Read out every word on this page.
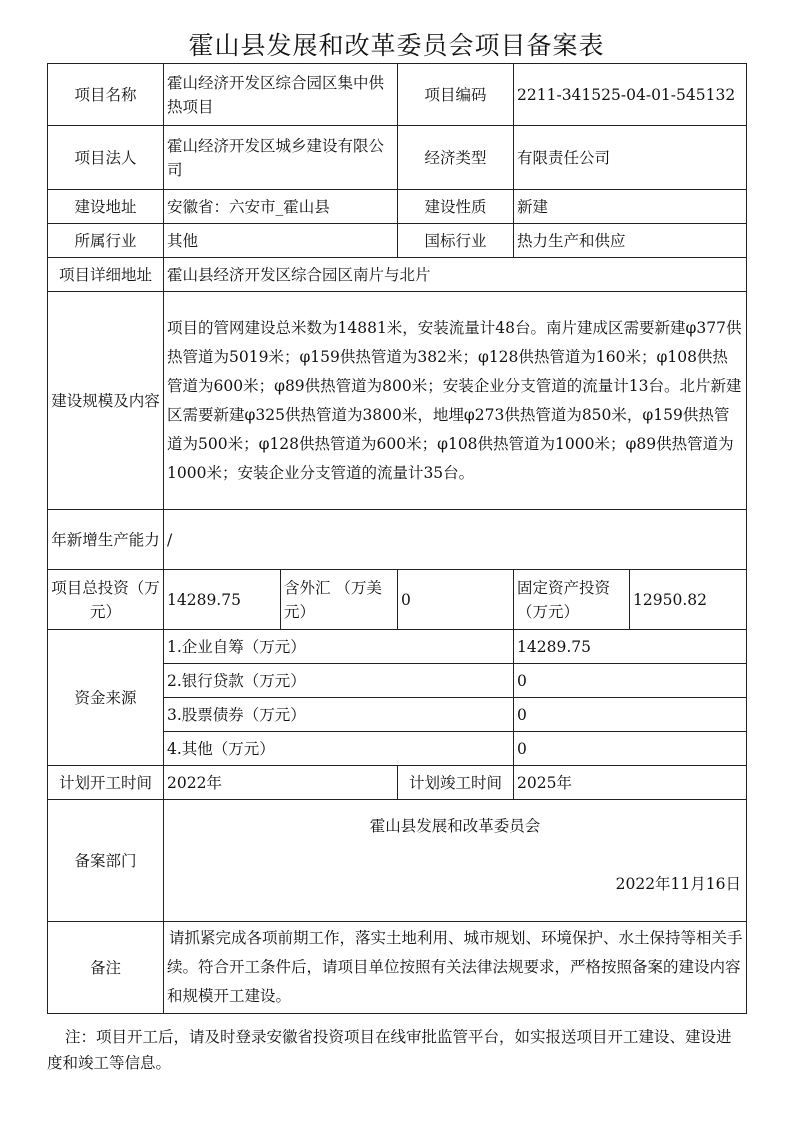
霍山县发展和改革委员会项目备案表
项目名称	霍山经济开发区综合园区集中供热项目		项目编码	2211-341525-04-01-545132	
项目法人	霍山经济开发区城乡建设有限公司		经济类型	有限责任公司	
建设地址	安徽省：六安市_霍山县		建设性质	新建	
所属行业	其他		国标行业	热力生产和供应	
项目详细地址	霍山县经济开发区综合园区南片与北片				
建设规模及内容	项目的管网建设总米数为14881米，安装流量计48台。南片建成区需要新建φ377供热管道为5019米；φ159供热管道为382米；φ128供热管道为160米；φ108供热管道为600米；φ89供热管道为800米；安装企业分支管道的流量计13台。北片新建区需要新建φ325供热管道为3800米，地埋φ273供热管道为850米，φ159供热管道为500米；φ128供热管道为600米；φ108供热管道为1000米；φ89供热管道为1000米；安装企业分支管道的流量计35台。				
年新增生产能力	/				
项目总投资（万元）	14289.75	含外汇 （万美元）	0	固定资产投资（万元）	12950.82
资金来源	1.企业自筹（万元）			14289.75	
	2.银行贷款（万元）			0	
	3.股票债券（万元）			0	
	4.其他（万元）			0	
计划开工时间	2022年		计划竣工时间	2025年	
备案部门	霍山县发展和改革委员会
2022年11月16日				

备注	请抓紧完成各项前期工作，落实土地利用、城市规划、环境保护、水土保持等相关手续。符合开工条件后，请项目单位按照有关法律法规要求，严格按照备案的建设内容和规模开工建设。				
注：项目开工后，请及时登录安徽省投资项目在线审批监管平台，如实报送项目开工建设、建设进度和竣工等信息。
